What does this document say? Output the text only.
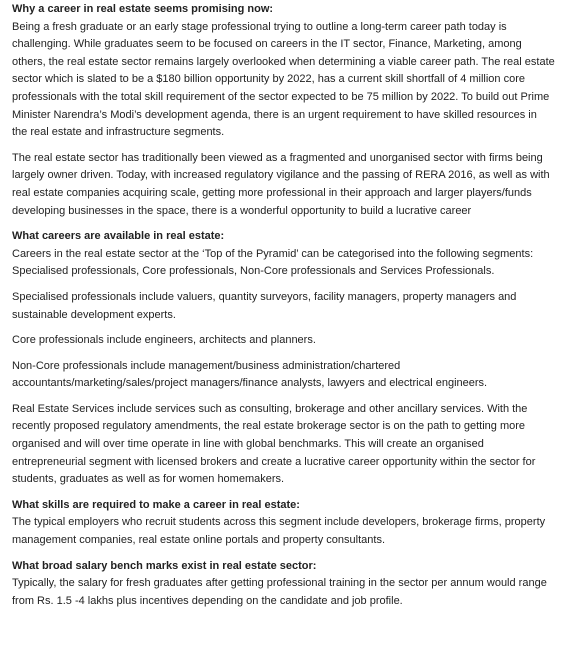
Why a career in real estate seems promising now:

Being a fresh graduate or an early stage professional trying to outline a long-term career path today is challenging. While graduates seem to be focused on careers in the IT sector, Finance, Marketing, among others, the real estate sector remains largely overlooked when determining a viable career path. The real estate sector which is slated to be a $180 billion opportunity by 2022, has a current skill shortfall of 4 million core professionals with the total skill requirement of the sector expected to be 75 million by 2022. To build out Prime Minister Narendra’s Modi’s development agenda, there is an urgent requirement to have skilled resources in the real estate and infrastructure segments.

The real estate sector has traditionally been viewed as a fragmented and unorganised sector with firms being largely owner driven. Today, with increased regulatory vigilance and the passing of RERA 2016, as well as with real estate companies acquiring scale, getting more professional in their approach and larger players/funds developing businesses in the space, there is a wonderful opportunity to build a lucrative career

What careers are available in real estate:

Careers in the real estate sector at the ‘Top of the Pyramid’ can be categorised into the following segments: Specialised professionals, Core professionals, Non-Core professionals and Services Professionals.

Specialised professionals include valuers, quantity surveyors, facility managers, property managers and sustainable development experts.

Core professionals include engineers, architects and planners.

Non-Core professionals include management/business administration/chartered accountants/marketing/sales/project managers/finance analysts, lawyers and electrical engineers.

Real Estate Services include services such as consulting, brokerage and other ancillary services. With the recently proposed regulatory amendments, the real estate brokerage sector is on the path to getting more organised and will over time operate in line with global benchmarks. This will create an organised entrepreneurial segment with licensed brokers and create a lucrative career opportunity within the sector for students, graduates as well as for women homemakers.

What skills are required to make a career in real estate:

The typical employers who recruit students across this segment include developers, brokerage firms, property management companies, real estate online portals and property consultants.

What broad salary bench marks exist in real estate sector:

Typically, the salary for fresh graduates after getting professional training in the sector per annum would range from Rs. 1.5 -4 lakhs plus incentives depending on the candidate and job profile.
